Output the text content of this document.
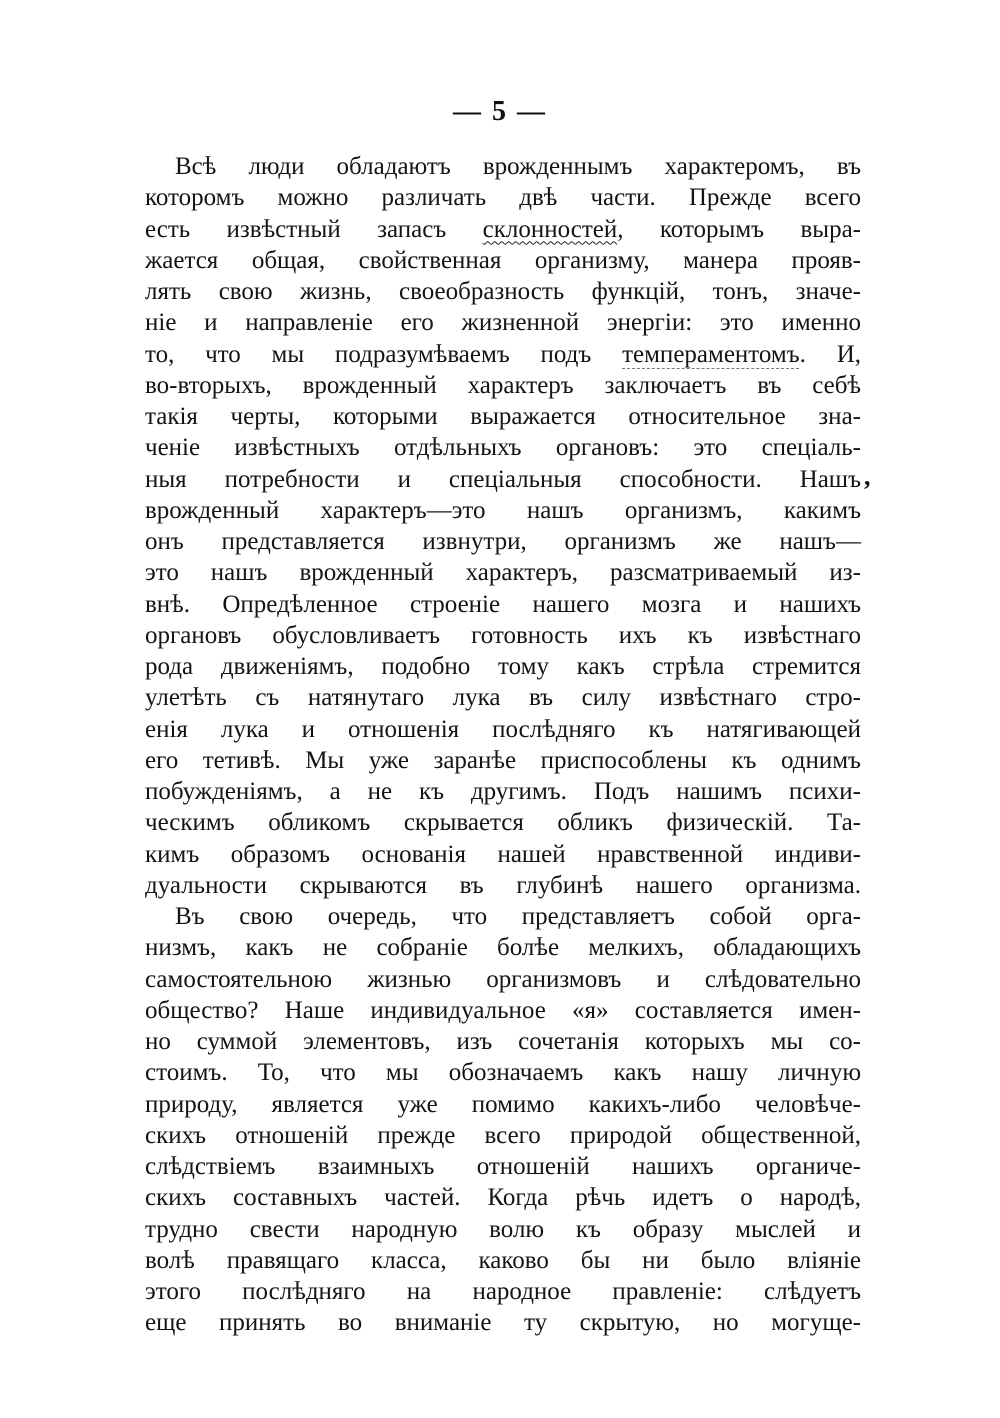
— 5 —
Всѣ люди обладаютъ врожденнымъ характеромъ, въ
которомъ можно различать двѣ части. Прежде всего
есть извѣстный запасъ склонностей, которымъ выра-
жается общая, свойственная организму, манера прояв-
лять свою жизнь, своеобразность функцій, тонъ, значе-
ніе и направленіе его жизненной энергіи: это именно
то, что мы подразумѣваемъ подъ темпераментомъ. И,
во-вторыхъ, врожденный характеръ заключаетъ въ себѣ
такія черты, которыми выражается относительное зна-
ченіе извѣстныхъ отдѣльныхъ органовъ: это спеціаль-
ныя потребности и спеціальныя способности. Нашъ
врожденный характеръ—это нашъ организмъ, какимъ
онъ представляется извнутри, организмъ же нашъ—
это нашъ врожденный характеръ, разсматриваемый из-
внѣ. Опредѣленное строеніе нашего мозга и нашихъ
органовъ обусловливаетъ готовность ихъ къ извѣстнаго
рода движеніямъ, подобно тому какъ стрѣла стремится
улетѣть съ натянутаго лука въ силу извѣстнаго стро-
енія лука и отношенія послѣдняго къ натягивающей
его тетивѣ. Мы уже заранѣе приспособлены къ однимъ
побужденіямъ, а не къ другимъ. Подъ нашимъ психи-
ческимъ обликомъ скрывается обликъ физическій. Та-
кимъ образомъ основанія нашей нравственной индиви-
дуальности скрываются въ глубинѣ нашего организма.
Въ свою очередь, что представляетъ собой орга-
низмъ, какъ не собраніе болѣе мелкихъ, обладающихъ
самостоятельною жизнью организмовъ и слѣдовательно
общество? Наше индивидуальное «я» составляется имен-
но суммой элементовъ, изъ сочетанія которыхъ мы со-
стоимъ. То, что мы обозначаемъ какъ нашу личную
природу, является уже помимо какихъ-либо человѣче-
скихъ отношеній прежде всего природой общественной,
слѣдствіемъ взаимныхъ отношеній нашихъ органиче-
скихъ составныхъ частей. Когда рѣчь идетъ о народѣ,
трудно свести народную волю къ образу мыслей и
волѣ правящаго класса, каково бы ни было вліяніе
этого послѣдняго на народное правленіе: слѣдуетъ
еще принять во вниманіе ту скрытую, но могуще-
,
